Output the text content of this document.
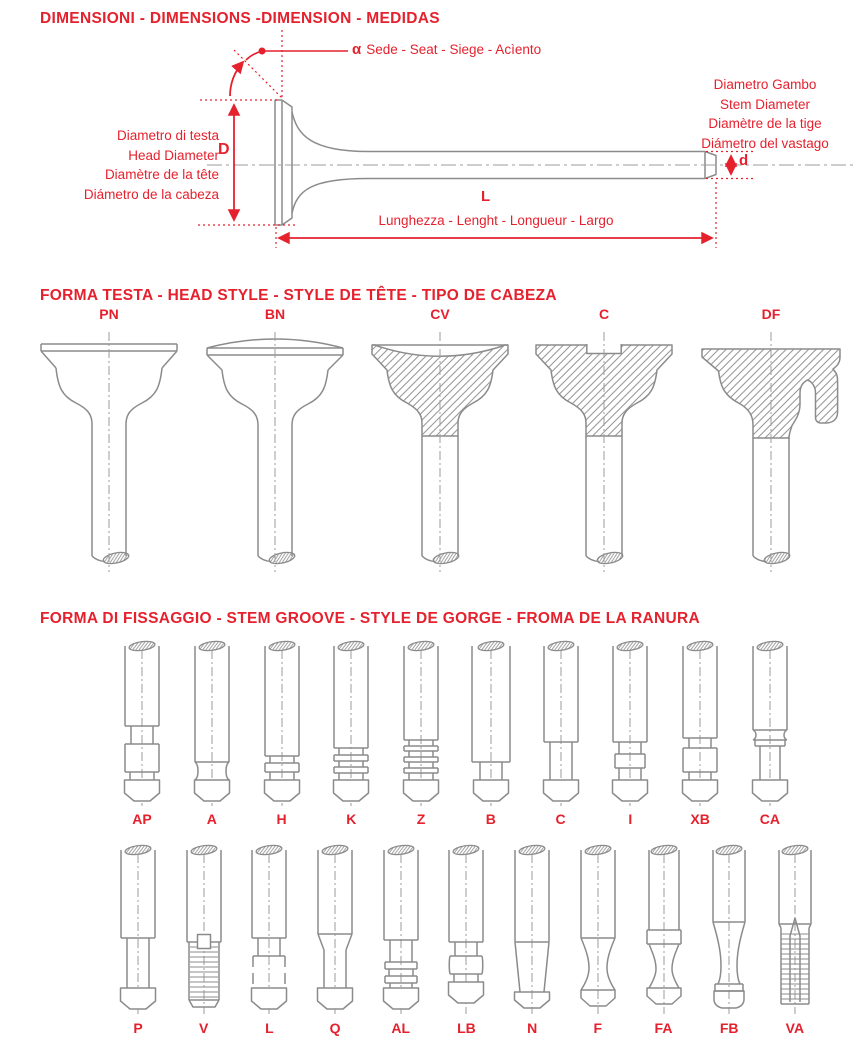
DIMENSIONI - DIMENSIONS -DIMENSION - MEDIDAS
α Sede - Seat - Siege - Acìento
Diametro Gambo
Stem Diameter
Diamètre de la tige
Diámetro del vastago
Diametro di testa
Head Diameter
Diamètre de la tête
Diámetro de la cabeza
D
d
L
Lunghezza - Lenght - Longueur - Largo
FORMA TESTA - HEAD STYLE - STYLE DE TÊTE - TIPO DE CABEZA
PN	BN	CV	C	DF
FORMA DI FISSAGGIO - STEM GROOVE - STYLE DE GORGE - FROMA DE LA RANURA
AP	A	H	K	Z	B	C	I	XB	CA
P	V	L	Q	AL	LB	N	F	FA	FB	VA
